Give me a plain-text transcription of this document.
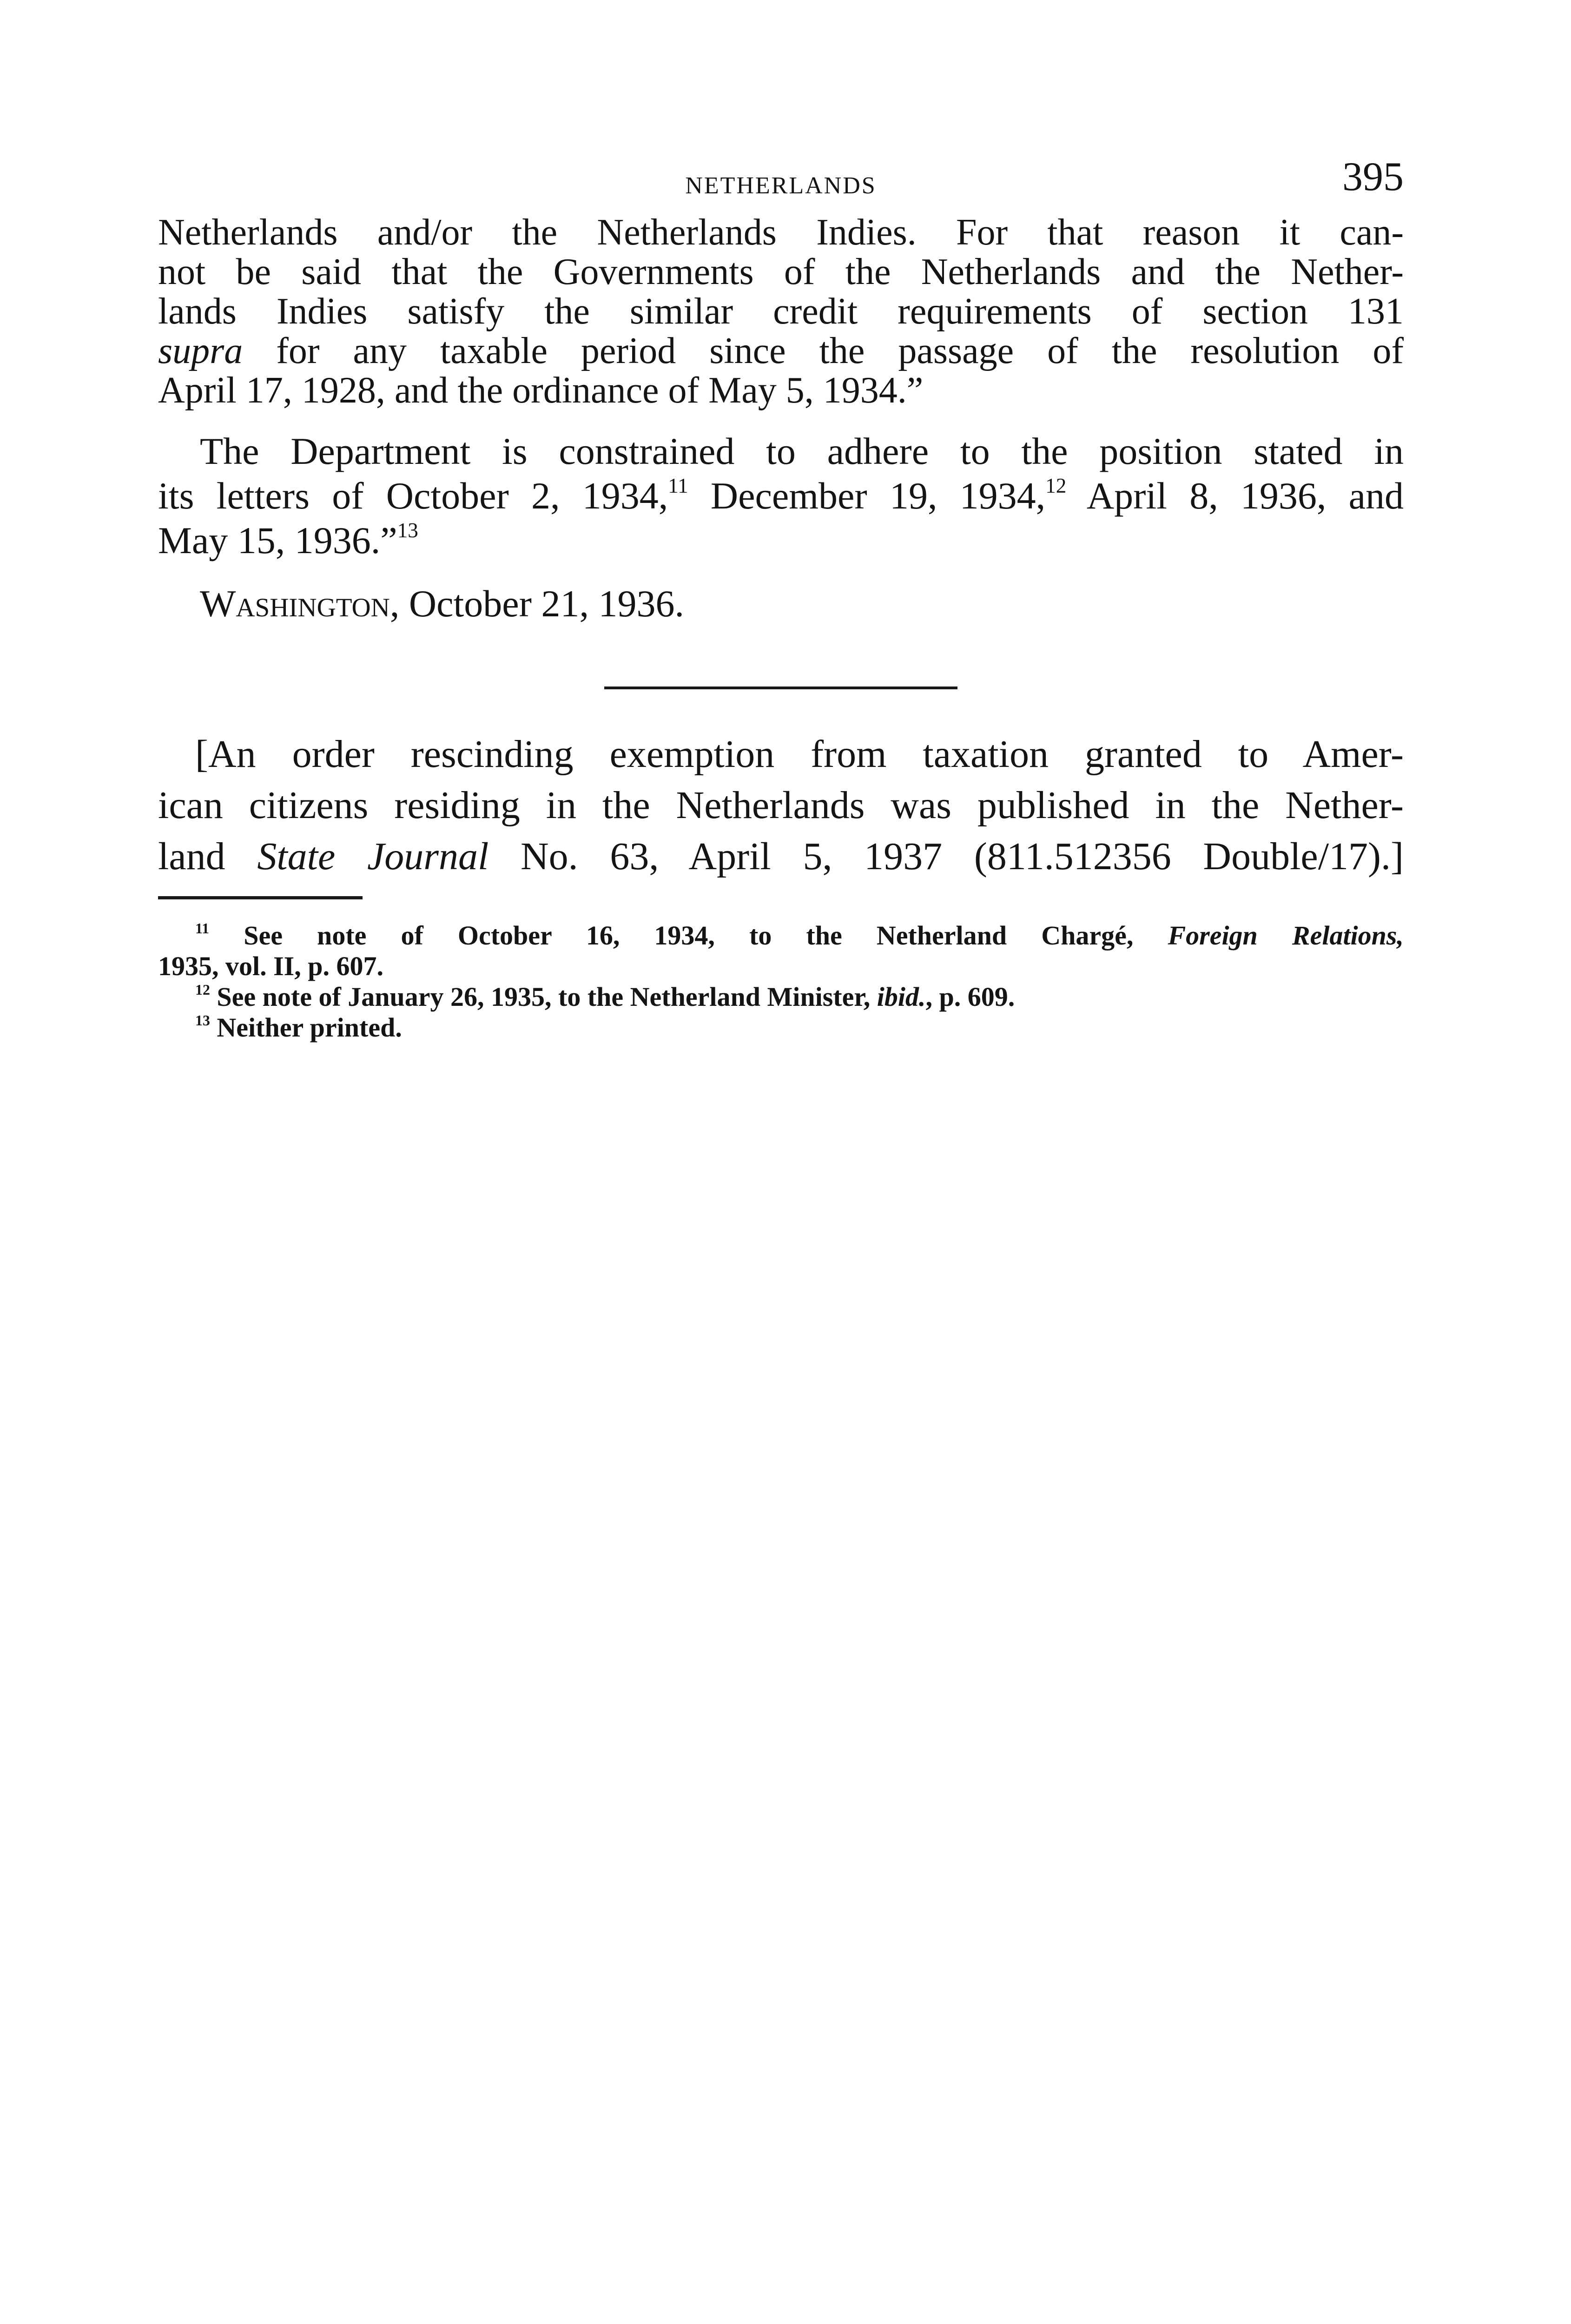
NETHERLANDS	395

Netherlands and/or the Netherlands Indies. For that reason it can-
not be said that the Governments of the Netherlands and the Nether-
lands Indies satisfy the similar credit requirements of section 131
supra for any taxable period since the passage of the resolution of
April 17, 1928, and the ordinance of May 5, 1934.”

The Department is constrained to adhere to the position stated in
its letters of October 2, 1934,11 December 19, 1934,12 April 8, 1936, and
May 15, 1936.”$^{13}$

Washington, October 21, 1936.

[An order rescinding exemption from taxation granted to Amer-
ican citizens residing in the Netherlands was published in the Nether-
land State Journal No. 63, April 5, 1937 (811.512356 Double/17).]

$^{11}$ See note of October 16, 1934, to the Netherland Chargé, Foreign Relations,
1935, vol. II, p. 607.
$^{12}$ See note of January 26, 1935, to the Netherland Minister, ibid., p. 609.
$^{13}$ Neither printed.
